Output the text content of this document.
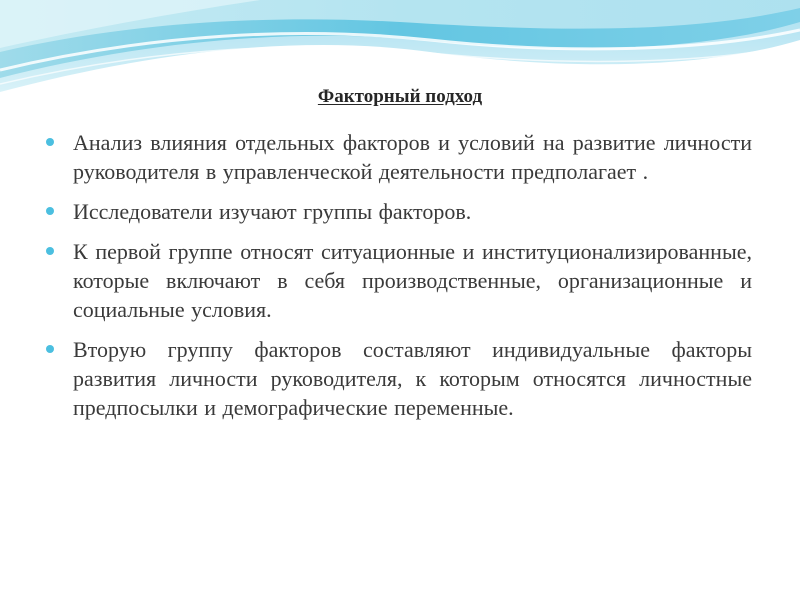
Факторный подход
Анализ влияния отдельных факторов и условий на развитие личности руководителя в управленческой деятельности предполагает .
Исследователи изучают группы факторов.
К первой группе относят ситуационные и институционализированные, которые включают в себя производственные, организационные и социальные условия.
Вторую группу факторов составляют индивидуальные факторы развития личности руководителя, к которым относятся личностные предпосылки и демографические переменные.
